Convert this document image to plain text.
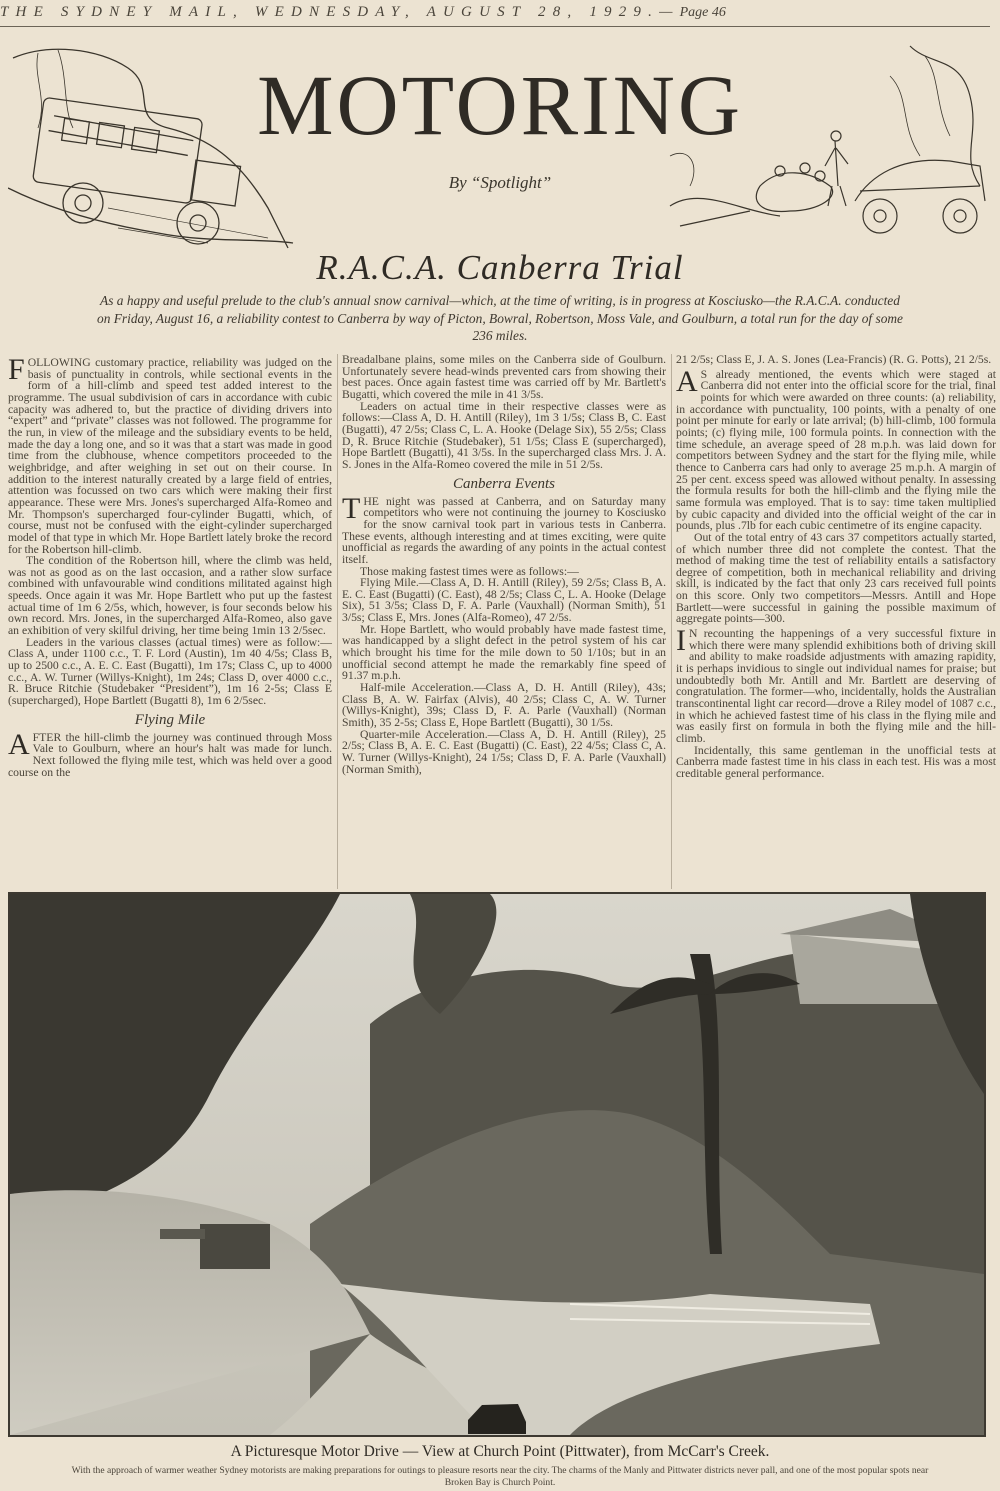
THE SYDNEY MAIL, WEDNESDAY, AUGUST 28, 1929.—Page 46
MOTORING
By “Spotlight”
R.A.C.A. Canberra Trial
As a happy and useful prelude to the club's annual snow carnival—which, at the time of writing, is in progress at Kosciusko—the R.A.C.A. conducted on Friday, August 16, a reliability contest to Canberra by way of Picton, Bowral, Robertson, Moss Vale, and Goulburn, a total run for the day of some 236 miles.

FOLLOWING customary practice, reliability was judged on the basis of punctuality in controls, while sectional events in the form of a hill-climb and speed test added interest to the programme. The usual subdivision of cars in accordance with cubic capacity was adhered to, but the practice of dividing drivers into “expert” and “private” classes was not followed. The programme for the run, in view of the mileage and the subsidiary events to be held, made the day a long one, and so it was that a start was made in good time from the clubhouse, whence competitors proceeded to the weighbridge, and after weighing in set out on their course. In addition to the interest naturally created by a large field of entries, attention was focussed on two cars which were making their first appearance. These were Mrs. Jones's supercharged Alfa-Romeo and Mr. Thompson's supercharged four-cylinder Bugatti, which, of course, must not be confused with the eight-cylinder supercharged model of that type in which Mr. Hope Bartlett lately broke the record for the Robertson hill-climb.

The condition of the Robertson hill, where the climb was held, was not as good as on the last occasion, and a rather slow surface combined with unfavourable wind conditions militated against high speeds. Once again it was Mr. Hope Bartlett who put up the fastest actual time of 1m 6 2/5s, which, however, is four seconds below his own record. Mrs. Jones, in the supercharged Alfa-Romeo, also gave an exhibition of very skilful driving, her time being 1min 13 2/5sec.

Leaders in the various classes (actual times) were as follow:—Class A, under 1100 c.c., T. F. Lord (Austin), 1m 40 4/5s; Class B, up to 2500 c.c., A. E. C. East (Bugatti), 1m 17s; Class C, up to 4000 c.c., A. W. Turner (Willys-Knight), 1m 24s; Class D, over 4000 c.c., R. Bruce Ritchie (Studebaker “President”), 1m 16 2-5s; Class E (supercharged), Hope Bartlett (Bugatti 8), 1m 6 2/5sec.

Flying Mile

AFTER the hill-climb the journey was continued through Moss Vale to Goulburn, where an hour's halt was made for lunch. Next followed the flying mile test, which was held over a good course on the

Breadalbane plains, some miles on the Canberra side of Goulburn. Unfortunately severe head-winds prevented cars from showing their best paces. Once again fastest time was carried off by Mr. Bartlett's Bugatti, which covered the mile in 41 3/5s.

Leaders on actual time in their respective classes were as follows:—Class A, D. H. Antill (Riley), 1m 3 1/5s; Class B, C. East (Bugatti), 47 2/5s; Class C, L. A. Hooke (Delage Six), 55 2/5s; Class D, R. Bruce Ritchie (Studebaker), 51 1/5s; Class E (supercharged), Hope Bartlett (Bugatti), 41 3/5s. In the supercharged class Mrs. J. A. S. Jones in the Alfa-Romeo covered the mile in 51 2/5s.

Canberra Events

THE night was passed at Canberra, and on Saturday many competitors who were not continuing the journey to Kosciusko for the snow carnival took part in various tests in Canberra. These events, although interesting and at times exciting, were quite unofficial as regards the awarding of any points in the actual contest itself.

Those making fastest times were as follows:—

Flying Mile.—Class A, D. H. Antill (Riley), 59 2/5s; Class B, A. E. C. East (Bugatti) (C. East), 48 2/5s; Class C, L. A. Hooke (Delage Six), 51 3/5s; Class D, F. A. Parle (Vauxhall) (Norman Smith), 51 3/5s; Class E, Mrs. Jones (Alfa-Romeo), 47 2/5s.

Mr. Hope Bartlett, who would probably have made fastest time, was handicapped by a slight defect in the petrol system of his car which brought his time for the mile down to 50 1/10s; but in an unofficial second attempt he made the remarkably fine speed of 91.37 m.p.h.

Half-mile Acceleration.—Class A, D. H. Antill (Riley), 43s; Class B, A. W. Fairfax (Alvis), 40 2/5s; Class C, A. W. Turner (Willys-Knight), 39s; Class D, F. A. Parle (Vauxhall) (Norman Smith), 35 2-5s; Class E, Hope Bartlett (Bugatti), 30 1/5s.

Quarter-mile Acceleration.—Class A, D. H. Antill (Riley), 25 2/5s; Class B, A. E. C. East (Bugatti) (C. East), 22 4/5s; Class C, A. W. Turner (Willys-Knight), 24 1/5s; Class D, F. A. Parle (Vauxhall) (Norman Smith),

21 2/5s; Class E, J. A. S. Jones (Lea-Francis) (R. G. Potts), 21 2/5s.

A S already mentioned, the events which were staged at Canberra did not enter into the official score for the trial, final points for which were awarded on three counts: (a) reliability, in accordance with punctuality, 100 points, with a penalty of one point per minute for early or late arrival; (b) hill-climb, 100 formula points; (c) flying mile, 100 formula points. In connection with the time schedule, an average speed of 28 m.p.h. was laid down for competitors between Sydney and the start for the flying mile, while thence to Canberra cars had only to average 25 m.p.h. A margin of 25 per cent. excess speed was allowed without penalty. In assessing the formula results for both the hill-climb and the flying mile the same formula was employed. That is to say: time taken multiplied by cubic capacity and divided into the official weight of the car in pounds, plus .7lb for each cubic centimetre of its engine capacity.

Out of the total entry of 43 cars 37 competitors actually started, of which number three did not complete the contest. That the method of making time the test of reliability entails a satisfactory degree of competition, both in mechanical reliability and driving skill, is indicated by the fact that only 23 cars received full points on this score. Only two competitors—Messrs. Antill and Hope Bartlett—were successful in gaining the possible maximum of aggregate points—300.

I N recounting the happenings of a very successful fixture in which there were many splendid exhibitions both of driving skill and ability to make roadside adjustments with amazing rapidity, it is perhaps invidious to single out individual names for praise; but undoubtedly both Mr. Antill and Mr. Bartlett are deserving of congratulation. The former—who, incidentally, holds the Australian transcontinental light car record—drove a Riley model of 1087 c.c., in which he achieved fastest time of his class in the flying mile and was easily first on formula in both the flying mile and the hill-climb.

Incidentally, this same gentleman in the unofficial tests at Canberra made fastest time in his class in each test. His was a most creditable general performance.

A Picturesque Motor Drive — View at Church Point (Pittwater), from McCarr's Creek.
With the approach of warmer weather Sydney motorists are making preparations for outings to pleasure resorts near the city. The charms of the Manly and Pittwater districts never pall, and one of the most popular spots near Broken Bay is Church Point.
